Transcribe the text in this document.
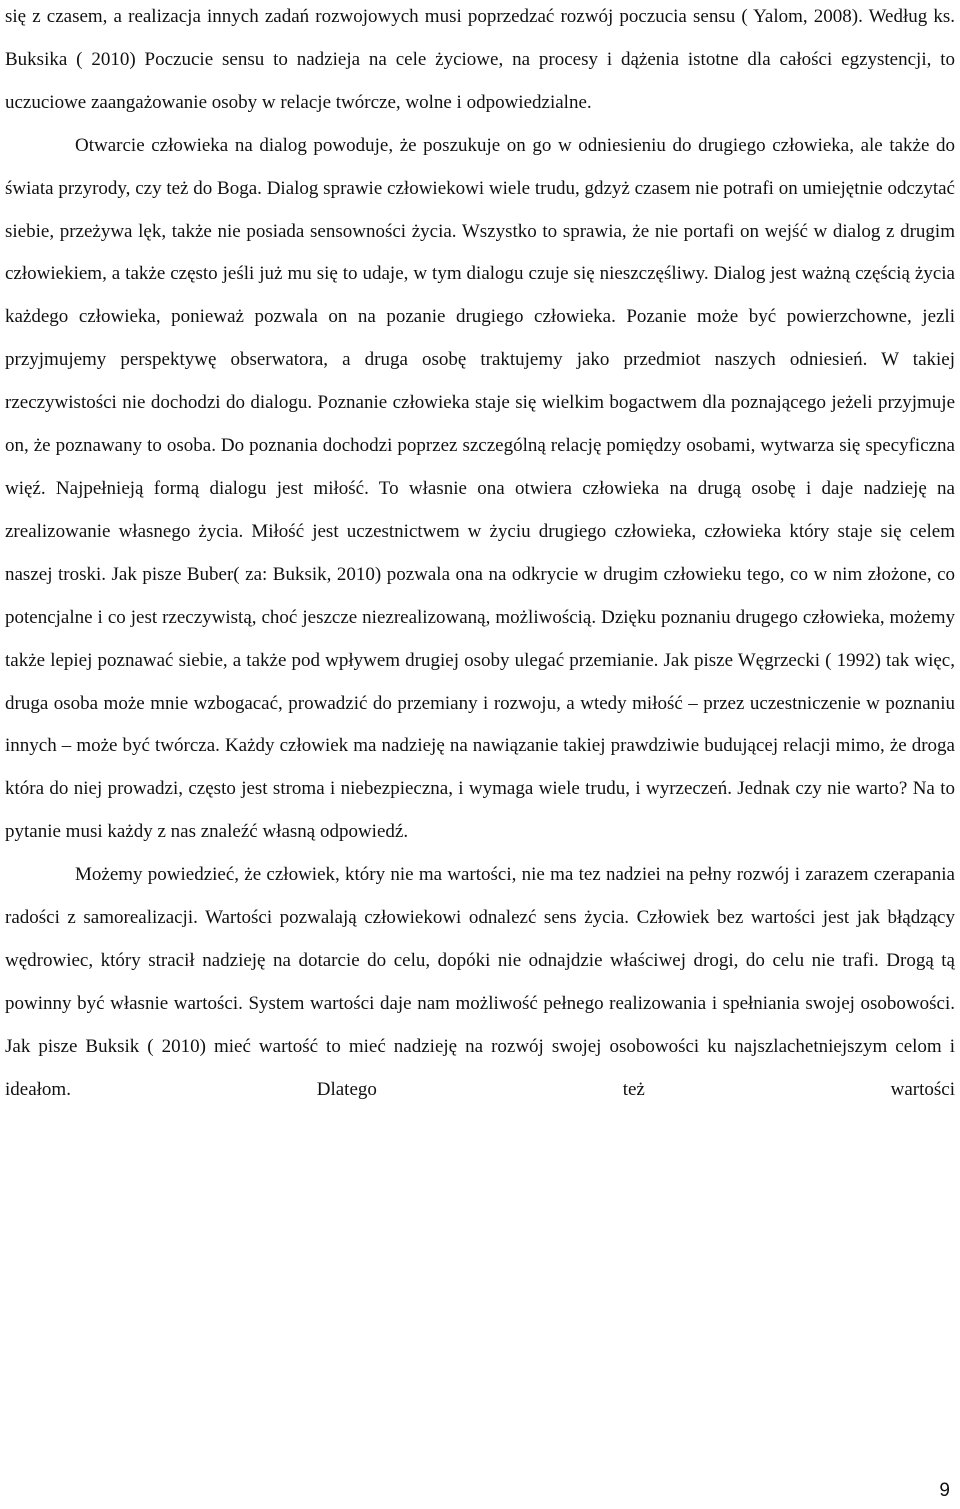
się z czasem, a realizacja innych zadań rozwojowych musi poprzedzać rozwój poczucia sensu ( Yalom, 2008). Według ks. Buksika ( 2010) Poczucie sensu to nadzieja na cele życiowe, na procesy i dążenia istotne dla całości egzystencji, to uczuciowe zaangażowanie osoby w relacje twórcze, wolne i odpowiedzialne.

Otwarcie człowieka na dialog powoduje, że poszukuje on go w odniesieniu do drugiego człowieka, ale także do świata przyrody, czy też do Boga. Dialog sprawie człowiekowi wiele trudu, gdzyż czasem nie potrafi on umiejętnie odczytać siebie, przeżywa lęk, także nie posiada sensowności życia. Wszystko to sprawia, że nie portafi on wejść w dialog z drugim człowiekiem, a także często jeśli już mu się to udaje, w tym dialogu czuje się nieszczęśliwy. Dialog jest ważną częścią życia każdego człowieka, ponieważ pozwala on na pozanie drugiego człowieka. Pozanie może być powierzchowne, jezli przyjmujemy perspektywę obserwatora, a druga osobę traktujemy jako przedmiot naszych odniesień. W takiej rzeczywistości nie dochodzi do dialogu. Poznanie człowieka staje się wielkim bogactwem dla poznającego jeżeli przyjmuje on, że poznawany to osoba. Do poznania dochodzi poprzez szczególną relację pomiędzy osobami, wytwarza się specyficzna więź. Najpełnieją formą dialogu jest miłość. To własnie ona otwiera człowieka na drugą osobę i daje nadzieję na zrealizowanie własnego życia. Miłość jest uczestnictwem w życiu drugiego człowieka, człowieka który staje się celem naszej troski. Jak pisze Buber( za: Buksik, 2010) pozwala ona na odkrycie w drugim człowieku tego, co w nim złożone, co potencjalne i co jest rzeczywistą, choć jeszcze niezrealizowaną, możliwością. Dzięku poznaniu drugego człowieka, możemy także lepiej poznawać siebie, a także pod wpływem drugiej osoby ulegać przemianie. Jak pisze Węgrzecki ( 1992) tak więc, druga osoba może mnie wzbogacać, prowadzić do przemiany i rozwoju, a wtedy miłość – przez uczestniczenie w poznaniu innych – może być twórcza. Każdy człowiek ma nadzieję na nawiązanie takiej prawdziwie budującej relacji mimo, że droga która do niej prowadzi, często jest stroma i niebezpieczna, i wymaga wiele trudu, i wyrzeczeń. Jednak czy nie warto? Na to pytanie musi każdy z nas znaleźć własną odpowiedź.

Możemy powiedzieć, że człowiek, który nie ma wartości, nie ma tez nadziei na pełny rozwój i zarazem czerapania radości z samorealizacji. Wartości pozwalają człowiekowi odnalezć sens życia. Człowiek bez wartości jest jak błądzący wędrowiec, który stracił nadzieję na dotarcie do celu, dopóki nie odnajdzie właściwej drogi, do celu nie trafi. Drogą tą powinny być własnie wartości. System wartości daje nam możliwość pełnego realizowania i spełniania swojej osobowości. Jak pisze Buksik ( 2010) mieć wartość to mieć nadzieję na rozwój swojej osobowości ku najszlachetniejszym celom i ideałom. Dlatego też wartości

9
